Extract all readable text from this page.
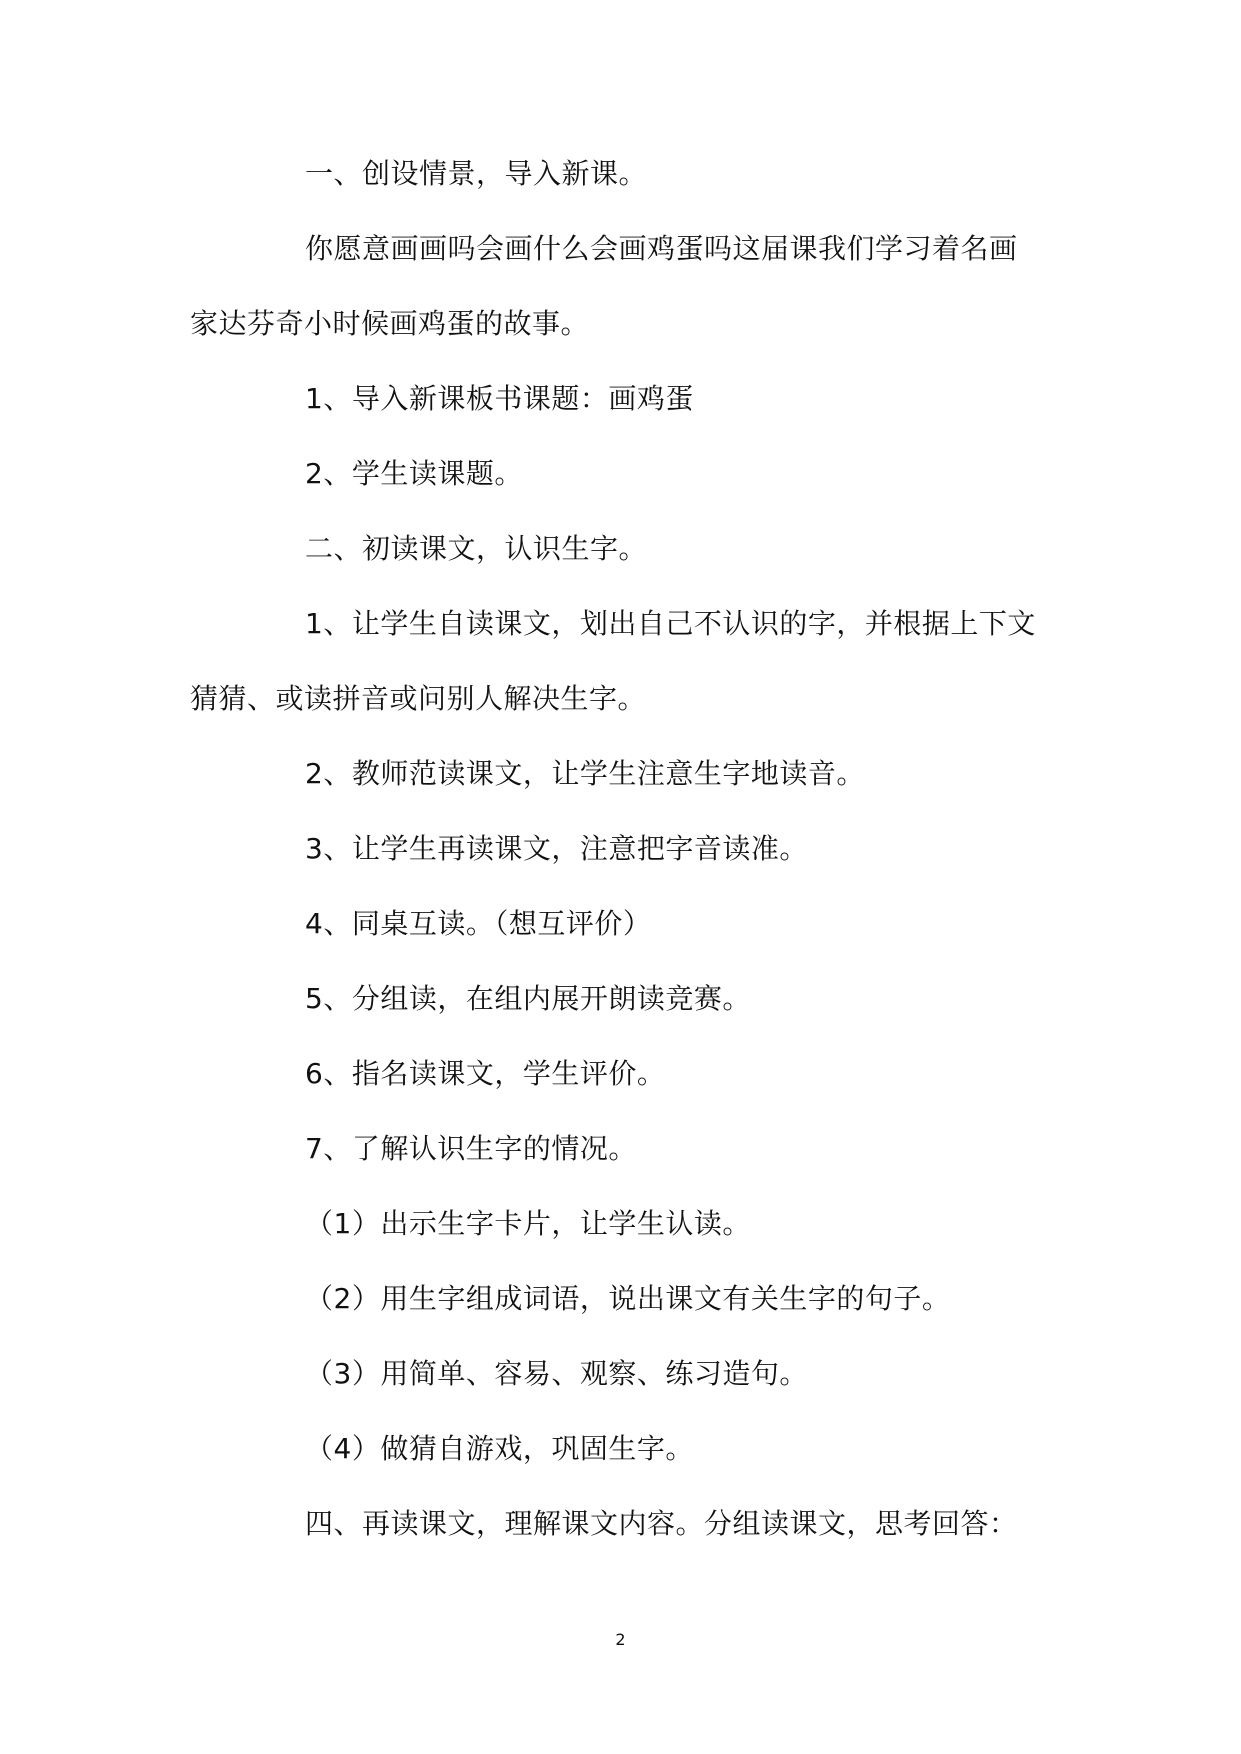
一、创设情景，导入新课。
你愿意画画吗会画什么会画鸡蛋吗这届课我们学习着名画
家达芬奇小时候画鸡蛋的故事。
1、导入新课板书课题：画鸡蛋
2、学生读课题。
二、初读课文，认识生字。
1、让学生自读课文，划出自己不认识的字，并根据上下文
猜猜、或读拼音或问别人解决生字。
2、教师范读课文，让学生注意生字地读音。
3、让学生再读课文，注意把字音读准。
4、同桌互读。（想互评价）
5、分组读，在组内展开朗读竞赛。
6、指名读课文，学生评价。
7、了解认识生字的情况。
（1）出示生字卡片，让学生认读。
（2）用生字组成词语，说出课文有关生字的句子。
（3）用简单、容易、观察、练习造句。
（4）做猜自游戏，巩固生字。
四、再读课文，理解课文内容。分组读课文，思考回答：
2
